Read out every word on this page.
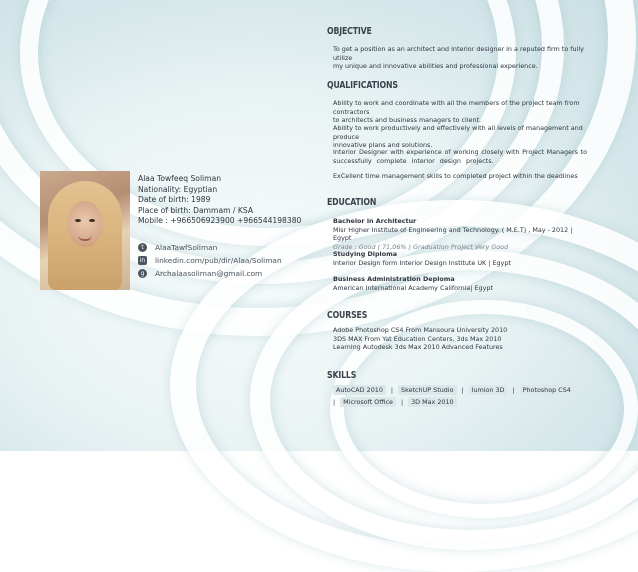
Alaa Towfeeq Soliman
Nationality: Egyptian
Date of birth: 1989
Place of birth: Dammam / KSA
Mobile : +966506923900 +966544198380
t	AlaaTawfSoliman
in linkedin.com/pub/dir/Alaa/Soliman
g	Archalaasoliman@gmail.com
OBJECTIVE
To get a position as an architect and interior designer in a reputed firm to fully utilize
my unique and innovative abilities and professional experience.
QUALIFICATIONS
Ability to work and coordinate with all the members of the project team from contractors
to architects and business managers to client.
Ability to work productively and effectively with all levels of management and produce
innovative plans and solutions.
Interior Designer with experience of working closely with Project Managers to
successfully complete interior design projects.
ExCellent time management skills to completed project within the deadlines
EDUCATION
Bachelor in Architectur
Misr Higher Institute of Engineering and Technology. ( M.E.T) , May - 2012 | Egypt
Grade : Good ( 71,06% ) Graduation Project Very Good
Studying Diploma
Interior Design form Interior Design Institute UK | Egypt
Business Administration Deploma
American International Academy California| Egypt
COURSES
Adobe Photoshop CS4 From Mansoura University 2010
3DS MAX From Yat Education Centers, 3ds Max 2010
Learning Autodesk 3ds Max 2010 Advanced Features
SKILLS
AutoCAD 2010	|	SketchUP Studio	|	lumion 3D	|	Photoshop CS4
|	Microsoft Office	|	3D Max 2010
